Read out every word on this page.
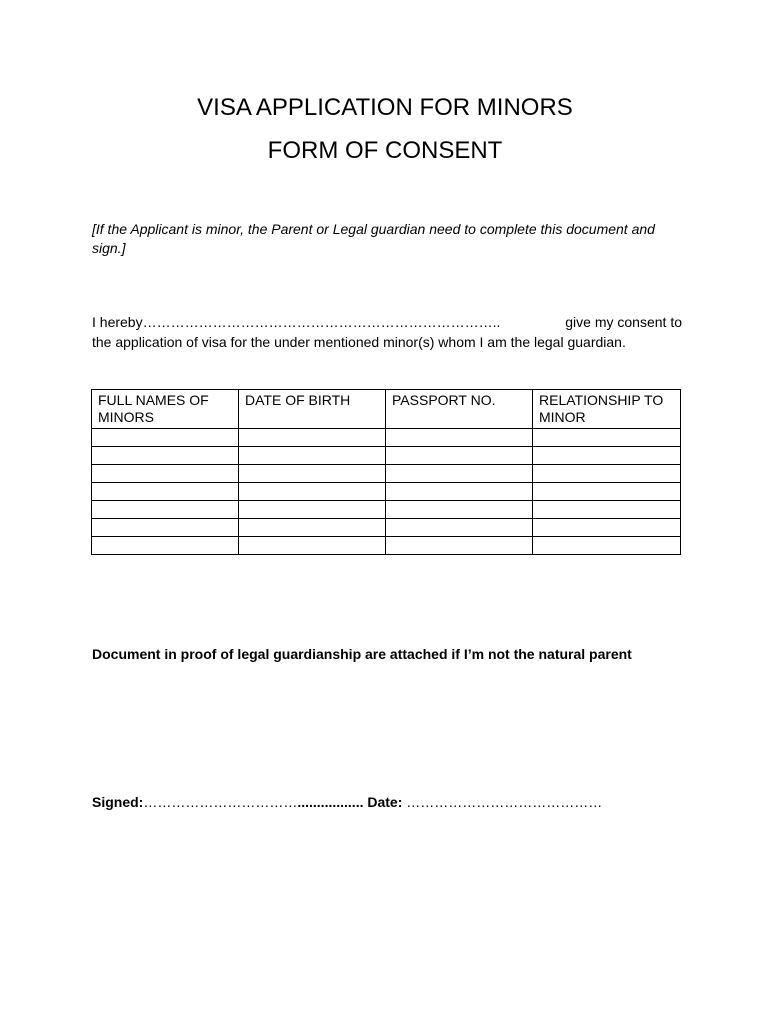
VISA APPLICATION FOR MINORS
FORM OF CONSENT
[If the Applicant is minor, the Parent or Legal guardian need to complete this document and sign.]
I hereby…………………………………………………………………..	give my consent to
the application of visa for the under mentioned minor(s) whom I am the legal guardian.
FULL NAMES OF MINORS	DATE OF BIRTH	PASSPORT NO.	RELATIONSHIP TO MINOR

Document in proof of legal guardianship are attached if I’m not the natural parent
Signed:……………………………................. Date: ……………………………………
